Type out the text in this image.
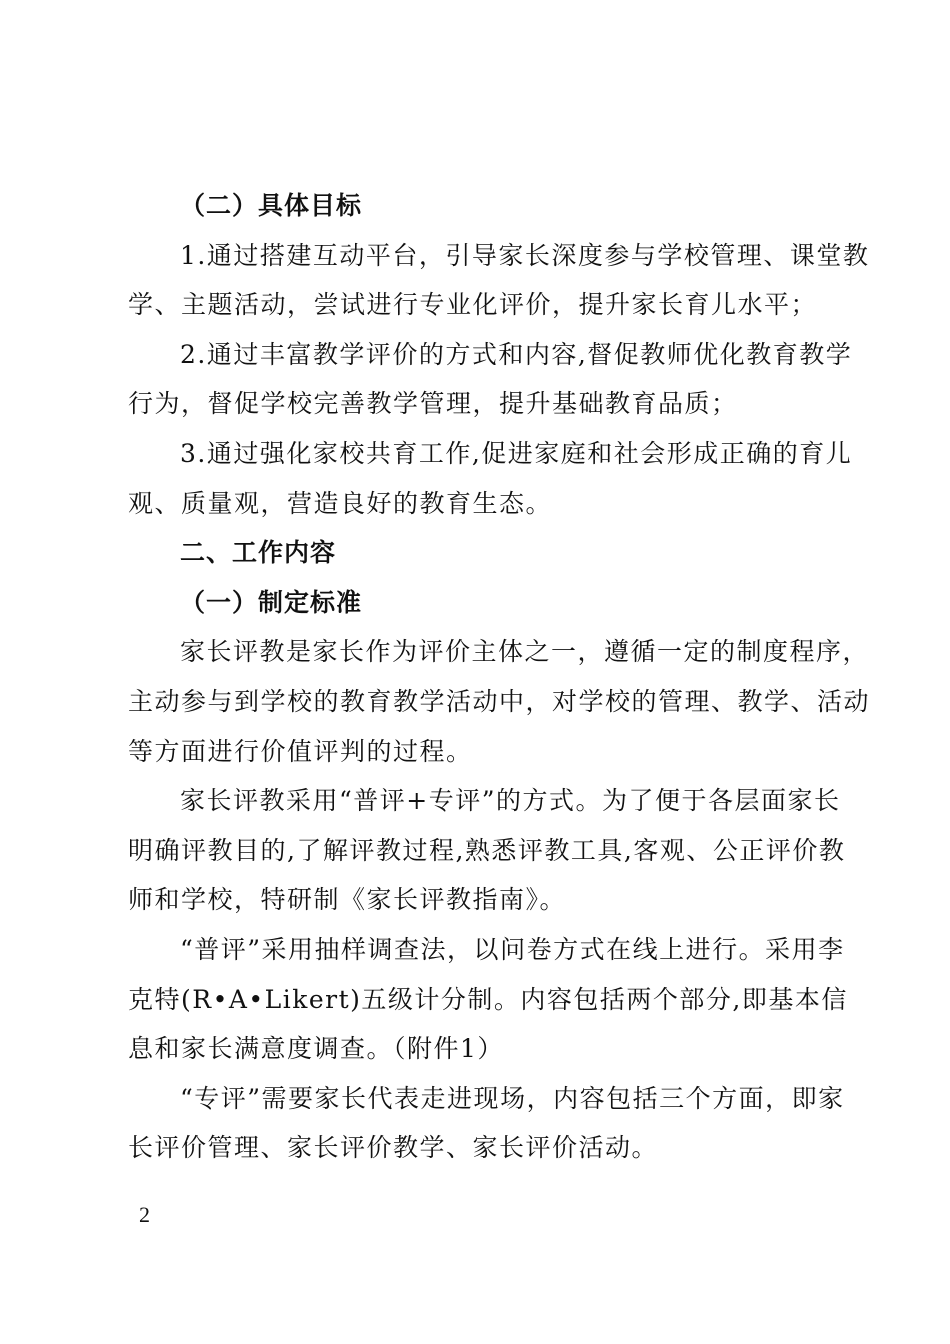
（二）具体目标
1.通过搭建互动平台，引导家长深度参与学校管理、课堂教
学、主题活动，尝试进行专业化评价，提升家长育儿水平；
2.通过丰富教学评价的方式和内容,督促教师优化教育教学
行为，督促学校完善教学管理，提升基础教育品质；
3.通过强化家校共育工作,促进家庭和社会形成正确的育儿
观、质量观，营造良好的教育生态。
二、工作内容
（一）制定标准
家长评教是家长作为评价主体之一，遵循一定的制度程序，
主动参与到学校的教育教学活动中，对学校的管理、教学、活动
等方面进行价值评判的过程。
家长评教采用“普评+专评”的方式。为了便于各层面家长
明确评教目的,了解评教过程,熟悉评教工具,客观、公正评价教
师和学校，特研制《家长评教指南》。
“普评”采用抽样调查法，以问卷方式在线上进行。采用李
克特(R•A•Likert)五级计分制。内容包括两个部分,即基本信
息和家长满意度调查。（附件1）
“专评”需要家长代表走进现场，内容包括三个方面，即家
长评价管理、家长评价教学、家长评价活动。
2
